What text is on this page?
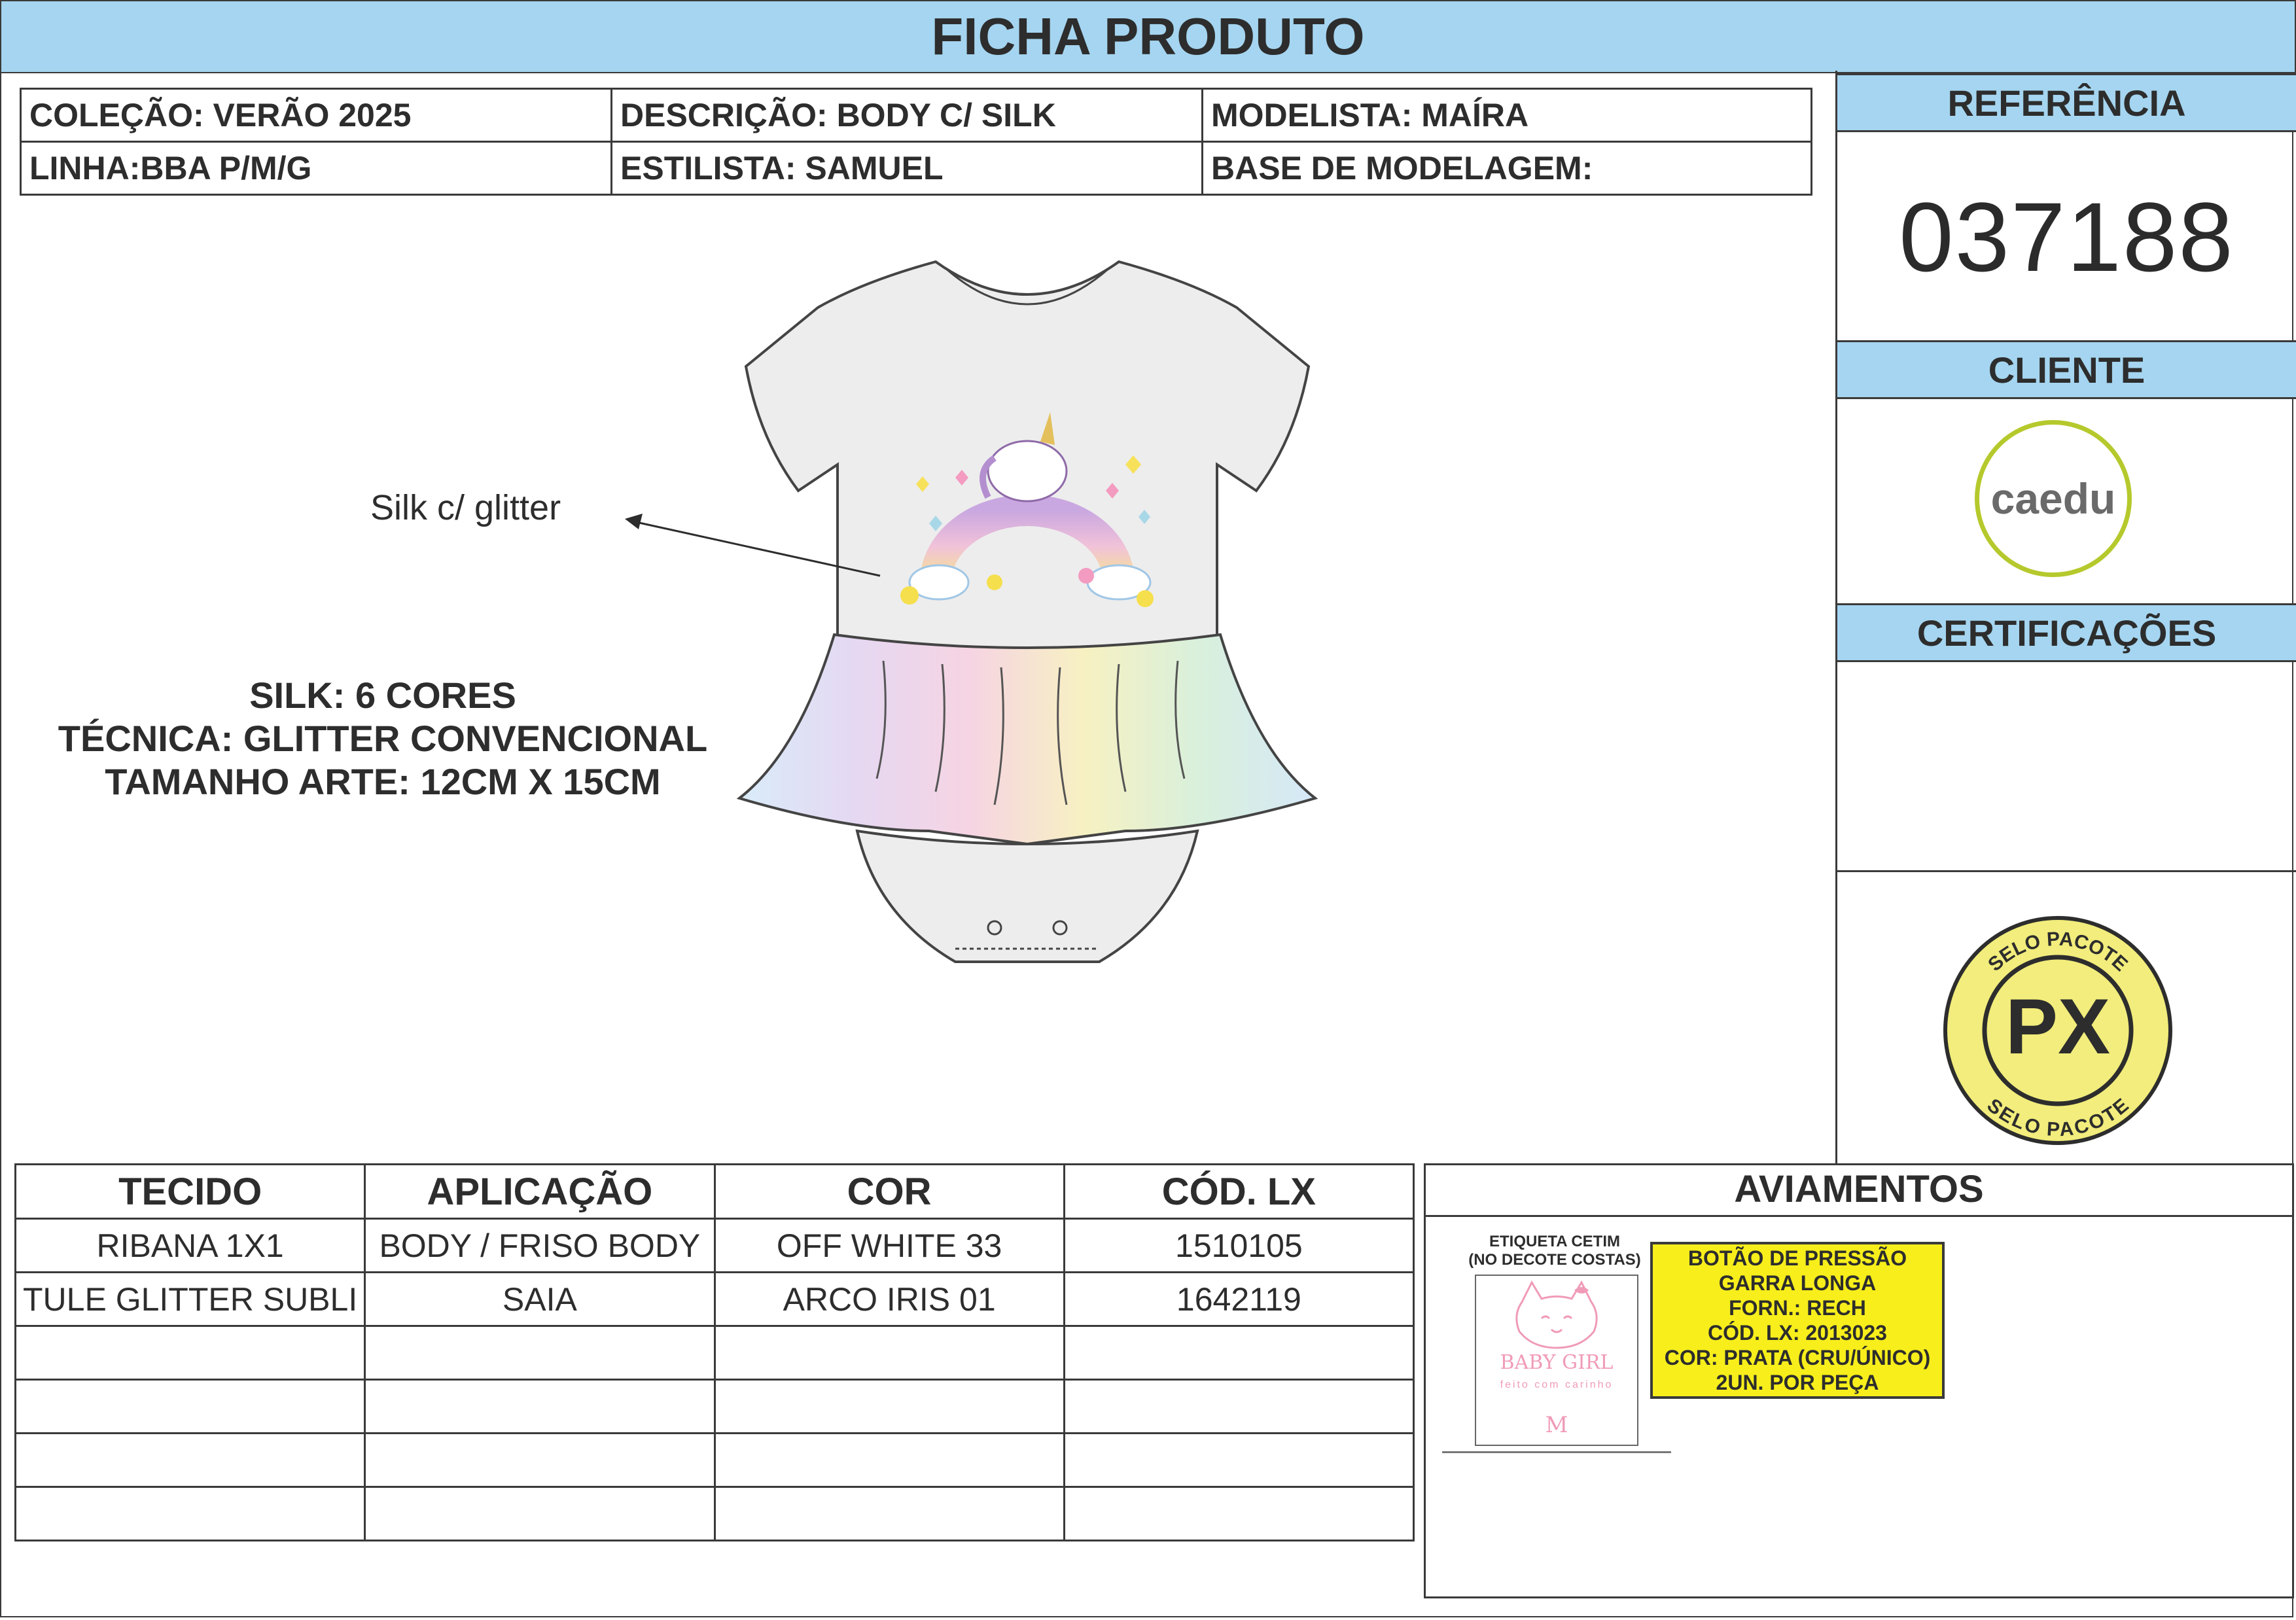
FICHA PRODUTO
COLEÇÃO: VERÃO 2025	DESCRIÇÃO: BODY C/ SILK	MODELISTA: MAÍRA
LINHA:BBA P/M/G	ESTILISTA: SAMUEL	BASE DE MODELAGEM:
REFERÊNCIA
037188
CLIENTE
caedu
CERTIFICAÇÕES
SELO PACOTE
SELO PACOTE
PX
Silk c/ glitter
SILK: 6 CORES
TÉCNICA: GLITTER CONVENCIONAL
TAMANHO ARTE: 12CM X 15CM
TECIDO	APLICAÇÃO	COR	CÓD. LX
RIBANA 1X1	BODY / FRISO BODY	OFF WHITE 33	1510105
TULE GLITTER SUBLI	SAIA	ARCO IRIS 01	1642119

AVIAMENTOS
ETIQUETA CETIM
(NO DECOTE COSTAS)
BABY GIRL
feito com carinho
M
BOTÃO DE PRESSÃO
GARRA LONGA
FORN.: RECH
CÓD. LX: 2013023
COR: PRATA (CRU/ÚNICO)
2UN. POR PEÇA
